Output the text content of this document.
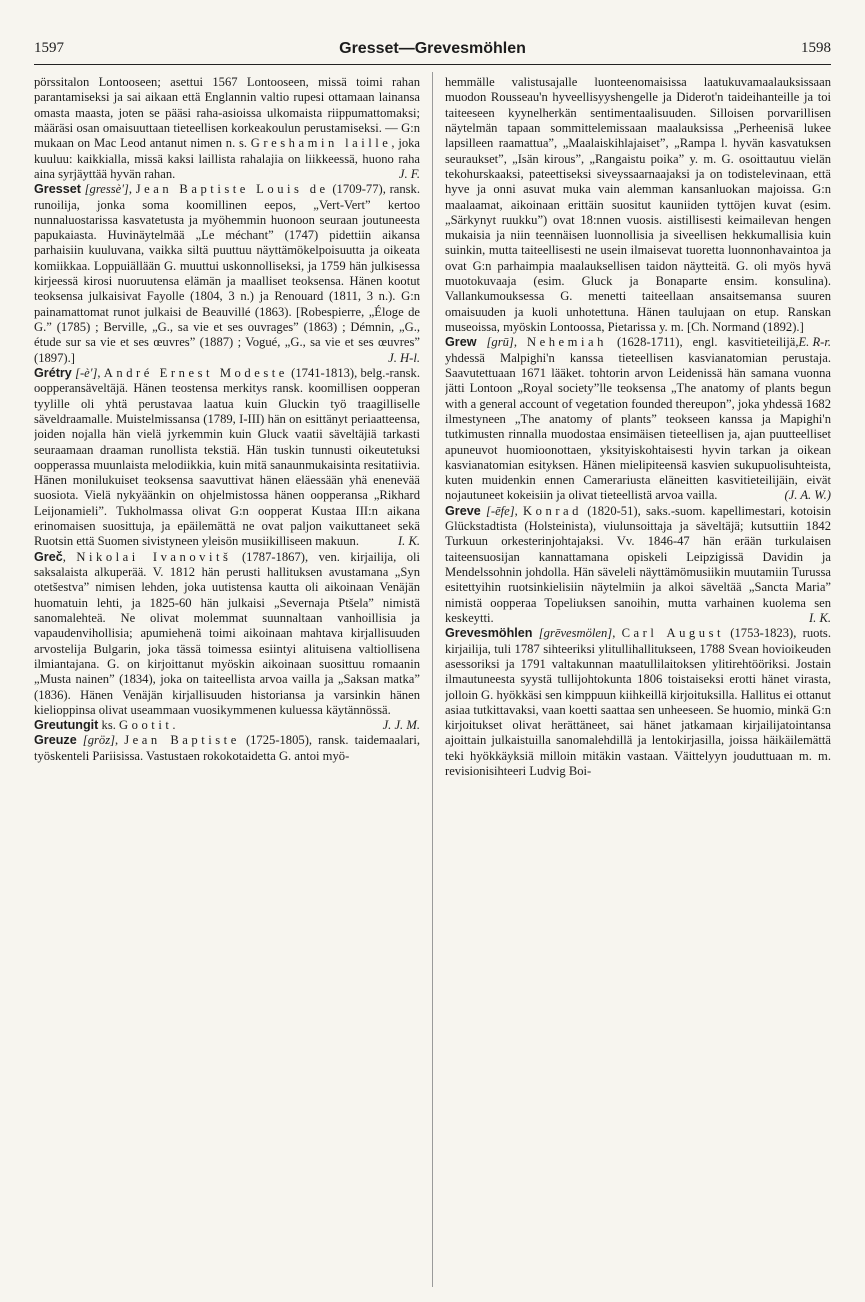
1597	Gresset—Grevesmöhlen	1598

pörssitalon Lontooseen; asettui 1567 Lontooseen, missä toimi rahan parantamiseksi ja sai aikaan että Englannin valtio rupesi ottamaan lainansa omasta maasta, joten se pääsi raha-asioissa ulkomaista riippumattomaksi; määräsi osan omaisuuttaan tieteellisen korkeakoulun perustamiseksi. — G:n mukaan on Mac Leod antanut nimen n. s. Greshamin laille, joka kuuluu: kaikkialla, missä kaksi laillista rahalajia on liikkeessä, huono raha aina syrjäyttää hyvän rahan.	J. F.

Gresset [gressè'], Jean Baptiste Louis de (1709-77), ransk. runoilija, jonka soma koomillinen eepos, „Vert-Vert” kertoo nunnaluostarissa kasvatetusta ja myöhemmin huonoon seuraan joutuneesta papukaiasta. Huvinäytelmää „Le méchant” (1747) pidettiin aikansa parhaisiin kuuluvana, vaikka siltä puuttuu näyttämökelpoisuutta ja oikeata komiikkaa. Loppuiällään G. muuttui uskonnolliseksi, ja 1759 hän julkisessa kirjeessä kirosi nuoruutensa elämän ja maalliset teoksensa. Hänen kootut teoksensa julkaisivat Fayolle (1804, 3 n.) ja Renouard (1811, 3 n.). G:n painamattomat runot julkaisi de Beauvillé (1863). [Robespierre, „Éloge de G.” (1785) ; Berville, „G., sa vie et ses ouvrages” (1863) ; Démnin, „G., étude sur sa vie et ses œuvres” (1887) ; Vogué, „G., sa vie et ses œuvres” (1897).]	J. H-l.

Grétry [-è'], André Ernest Modeste (1741-1813), belg.-ransk. oopperansäveltäjä. Hänen teostensa merkitys ransk. koomillisen oopperan tyylille oli yhtä perustavaa laatua kuin Gluckin työ traagilliselle säveldraamalle. Muistelmissansa (1789, I-III) hän on esittänyt periaatteensa, joiden nojalla hän vielä jyrkemmin kuin Gluck vaatii säveltäjiä tarkasti seuraamaan draaman runollista tekstiä. Hän tuskin tunnusti oikeutetuksi oopperassa muunlaista melodiikkia, kuin mitä sanaunmukaisinta resitatiivia. Hänen monilukuiset teoksensa saavuttivat hänen eläessään yhä enenevää suosiota. Vielä nykyäänkin on ohjelmistossa hänen oopperansa „Rikhard Leijonamieli”. Tukholmassa olivat G:n oopperat Kustaa III:n aikana erinomaisen suosittuja, ja epäilemättä ne ovat paljon vaikuttaneet sekä Ruotsin että Suomen sivistyneen yleisön musiikilliseen makuun.	I. K.

Greč, Nikolai Ivanovitš (1787-1867), ven. kirjailija, oli saksalaista alkuperää. V. 1812 hän perusti hallituksen avustamana „Syn otetšestva” nimisen lehden, joka uutistensa kautta oli aikoinaan Venäjän huomatuin lehti, ja 1825-60 hän julkaisi „Severnaja Ptšela” nimistä sanomalehteä. Ne olivat molemmat suunnaltaan vanhoillisia ja vapaudenvihollisia; apumiehenä toimi aikoinaan mahtava kirjallisuuden arvostelija Bulgarin, joka tässä toimessa esiintyi alituisena valtiollisena ilmiantajana. G. on kirjoittanut myöskin aikoinaan suosittuu romaanin „Musta nainen” (1834), joka on taiteellista arvoa vailla ja „Saksan matka” (1836). Hänen Venäjän kirjallisuuden historiansa ja varsinkin hänen kielioppinsa olivat useammaan vuosikymmenen kuluessa käytännössä.
J. J. M.

Greutungit ks. Gootit.

Greuze [gröz], Jean Baptiste (1725-1805), ransk. taidemaalari, työskenteli Pariisissa. Vastustaen rokokotaidetta G. antoi myö-

hemmälle valistusajalle luonteenomaisissa laatukuvamaalauksissaan muodon Rousseau'n hyveellisyyshengelle ja Diderot'n taideihanteille ja toi taiteeseen kyynelherkän sentimentaalisuuden. Silloisen porvarillisen näytelmän tapaan sommittelemissaan maalauksissa „Perheenisä lukee lapsilleen raamattua”, „Maalaiskihlajaiset”, „Rampa l. hyvän kasvatuksen seuraukset”, „Isän kirous”, „Rangaistu poika” y. m. G. osoittautuu vielän tekohurskaaksi, pateettiseksi siveyssaarnaajaksi ja on todistelevinaan, että hyve ja onni asuvat muka vain alemman kansanluokan majoissa. G:n maalaamat, aikoinaan erittäin suositut kauniiden tyttöjen kuvat (esim. „Särkynyt ruukku”) ovat 18:nnen vuosis. aistillisesti keimailevan hengen mukaisia ja niin teennäisen luonnollisia ja siveellisen hekkumallisia kuin suinkin, mutta taiteellisesti ne usein ilmaisevat tuoretta luonnonhavaintoa ja ovat G:n parhaimpia maalauksellisen taidon näytteitä. G. oli myös hyvä muotokuvaaja (esim. Gluck ja Bonaparte ensim. konsulina). Vallankumouksessa G. menetti taiteellaan ansaitsemansa suuren omaisuuden ja kuoli unhotettuna. Hänen taulujaan on etup. Ranskan museoissa, myöskin Lontoossa, Pietarissa y. m. [Ch. Normand (1892).]
E. R-r.

Grew [grū], Nehemiah (1628-1711), engl. kasvitieteilijä, yhdessä Malpighi'n kanssa tieteellisen kasvianatomian perustaja. Saavutettuaan 1671 lääket. tohtorin arvon Leidenissä hän samana vuonna jätti Lontoon „Royal society”lle teoksensa „The anatomy of plants begun with a general account of vegetation founded thereupon”, joka yhdessä 1682 ilmestyneen „The anatomy of plants” teokseen kanssa ja Mapighi'n tutkimusten rinnalla muodostaa ensimäisen tieteellisen ja, ajan puutteelliset apuneuvot huomioonottaen, yksityiskohtaisesti hyvin tarkan ja oikean kasvianatomian esityksen. Hänen mielipiteensä kasvien sukupuolisuhteista, kuten muidenkin ennen Camerariusta eläneitten kasvitieteilijäin, eivät nojautuneet kokeisiin ja olivat tieteellistä arvoa vailla.	(J. A. W.)

Greve [-ēfe], Konrad (1820-51), saks.-suom. kapellimestari, kotoisin Glückstadtista (Holsteinista), viulunsoittaja ja säveltäjä; kutsuttiin 1842 Turkuun orkesterinjohtajaksi. Vv. 1846-47 hän erään turkulaisen taiteensuosijan kannattamana opiskeli Leipzigissä Davidin ja Mendelssohnin johdolla. Hän säveleli näyttämömusiikin muutamiin Turussa esitettyihin ruotsinkielisiin näytelmiin ja alkoi säveltää „Sancta Maria” nimistä oopperaa Topeliuksen sanoihin, mutta varhainen kuolema sen keskeytti.	I. K.

Grevesmöhlen [grēvesmölen], Carl August (1753-1823), ruots. kirjailija, tuli 1787 sihteeriksi ylitullihallitukseen, 1788 Svean hovioikeuden asessoriksi ja 1791 valtakunnan maatullilaitoksen ylitirehtööriksi. Jostain ilmautuneesta syystä tullijohtokunta 1806 toistaiseksi erotti hänet virasta, jolloin G. hyökkäsi sen kimppuun kiihkeillä kirjoituksilla. Hallitus ei ottanut asiaa tutkittavaksi, vaan koetti saattaa sen unheeseen. Se huomio, minkä G:n kirjoitukset olivat herättäneet, sai hänet jatkamaan kirjailijatointansa ajoittain julkaistuilla sanomalehdillä ja lentokirjasilla, joissa häikäilemättä teki hyökkäyksiä milloin mitäkin vastaan. Väittelyyn jouduttuaan m. m. revisionisihteeri Ludvig Boi-
